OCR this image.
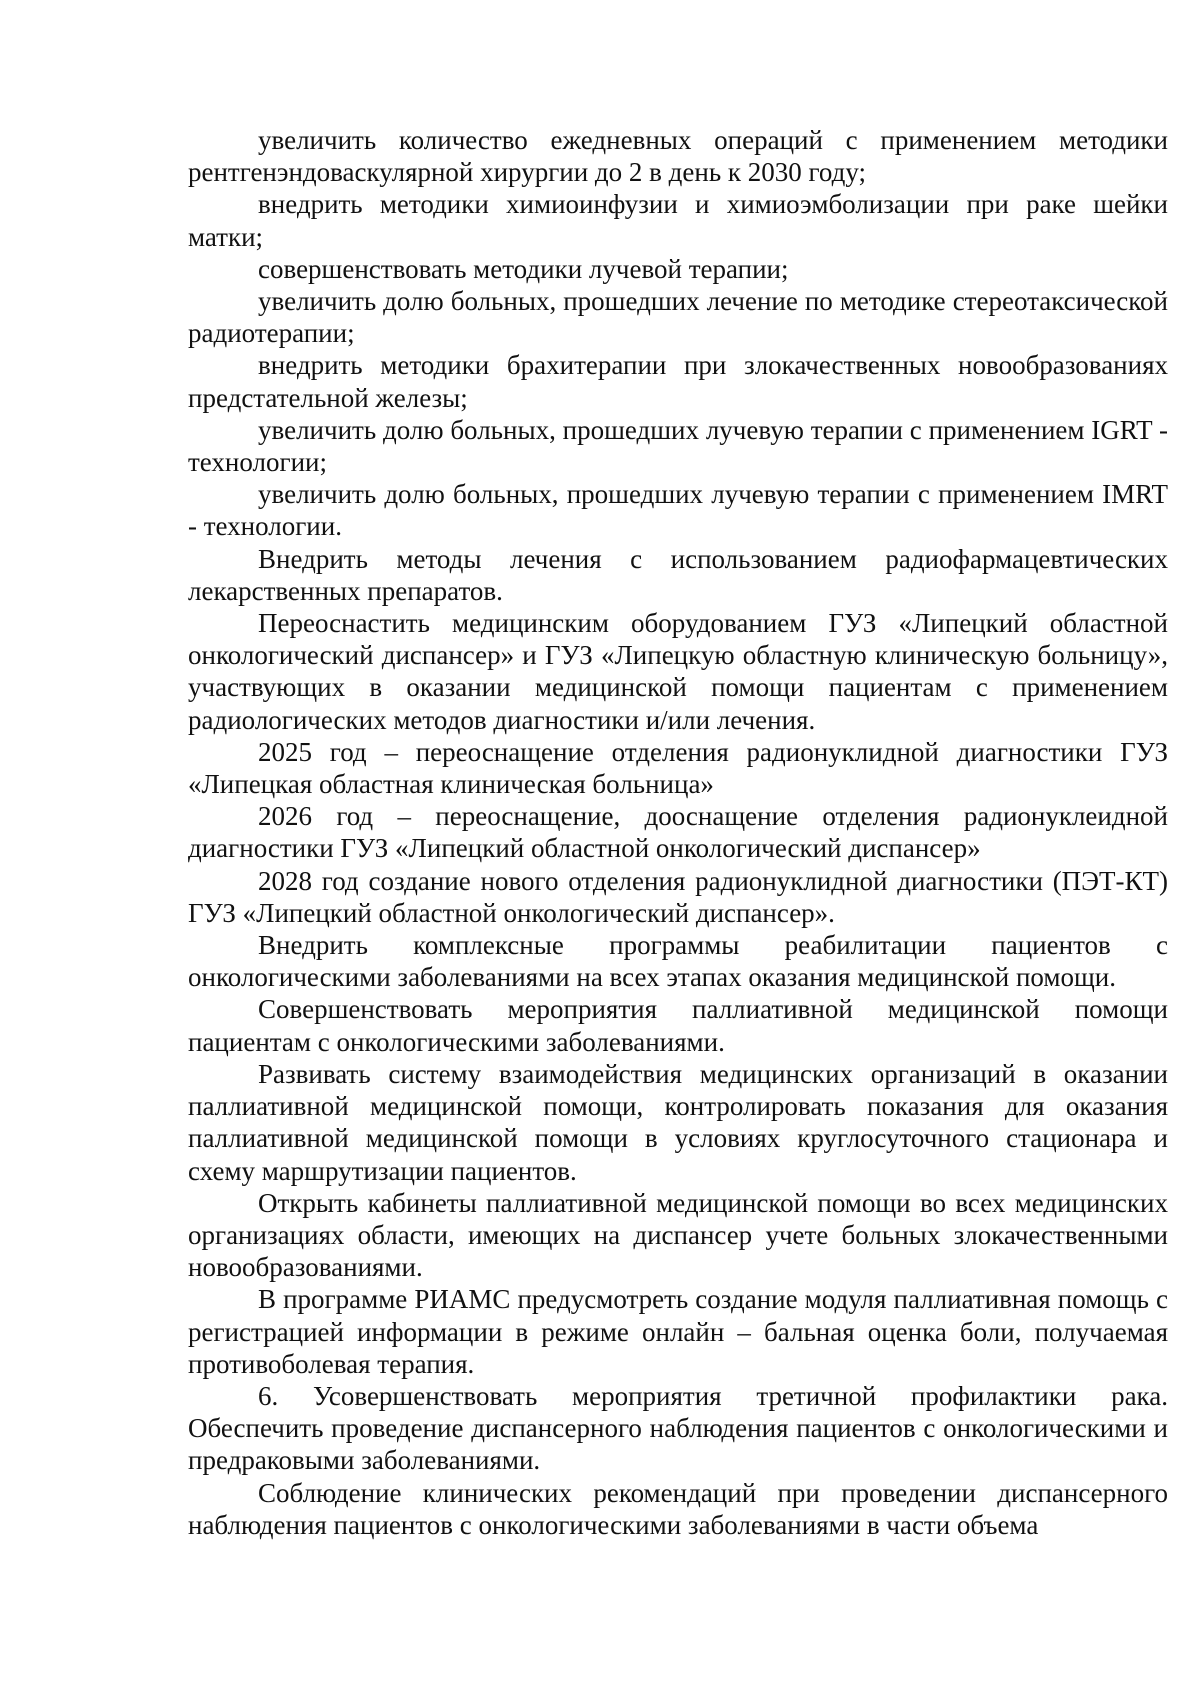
увеличить количество ежедневных операций с применением методики рентгенэндоваскулярной хирургии до 2 в день к 2030 году;

внедрить методики химиоинфузии и химиоэмболизации при раке шейки матки;

совершенствовать методики лучевой терапии;

увеличить долю больных, прошедших лечение по методике стереотаксической радиотерапии;

внедрить методики брахитерапии при злокачественных новообразованиях предстательной железы;

увеличить долю больных, прошедших лучевую терапии с применением IGRT - технологии;

увеличить долю больных, прошедших лучевую терапии с применением IMRT - технологии.

Внедрить методы лечения с использованием радиофармацевтических лекарственных препаратов.

Переоснастить медицинским оборудованием ГУЗ «Липецкий областной онкологический диспансер» и ГУЗ «Липецкую областную клиническую больницу», участвующих в оказании медицинской помощи пациентам с применением радиологических методов диагностики и/или лечения.

2025 год – переоснащение отделения радионуклидной диагностики ГУЗ «Липецкая областная клиническая больница»

2026 год – переоснащение, дооснащение отделения радионуклеидной диагностики ГУЗ «Липецкий областной онкологический диспансер»

2028 год создание нового отделения радионуклидной диагностики (ПЭТ-КТ) ГУЗ «Липецкий областной онкологический диспансер».

Внедрить комплексные программы реабилитации пациентов с онкологическими заболеваниями на всех этапах оказания медицинской помощи.

Совершенствовать мероприятия паллиативной медицинской помощи пациентам с онкологическими заболеваниями.

Развивать систему взаимодействия медицинских организаций в оказании паллиативной медицинской помощи, контролировать показания для оказания паллиативной медицинской помощи в условиях круглосуточного стационара и схему маршрутизации пациентов.

Открыть кабинеты паллиативной медицинской помощи во всех медицинских организациях области, имеющих на диспансер учете больных злокачественными новообразованиями.

В программе РИАМС предусмотреть создание модуля паллиативная помощь с регистрацией информации в режиме онлайн – бальная оценка боли, получаемая противоболевая терапия.

6. Усовершенствовать мероприятия третичной профилактики рака. Обеспечить проведение диспансерного наблюдения пациентов с онкологическими и предраковыми заболеваниями.

Соблюдение клинических рекомендаций при проведении диспансерного наблюдения пациентов с онкологическими заболеваниями в части объема
